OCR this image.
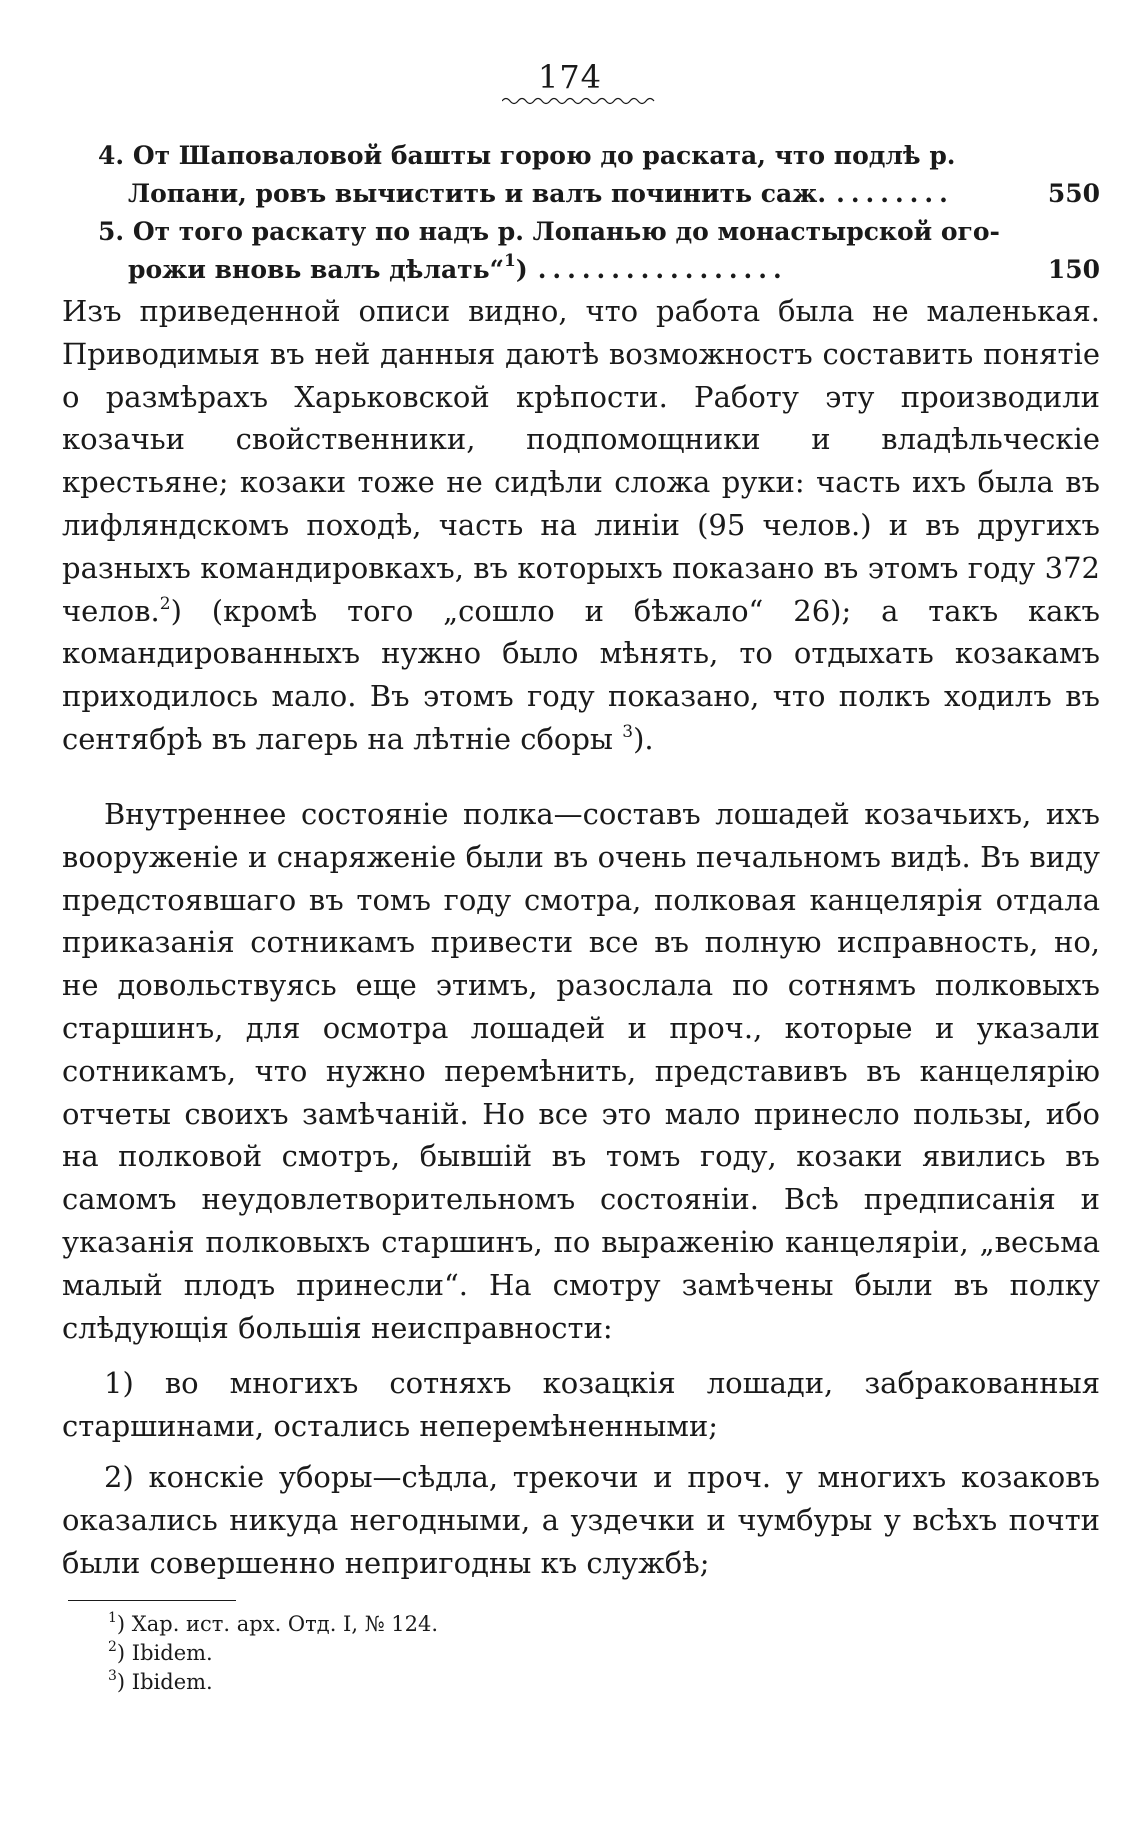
174
4. От Шаповаловой башты горою до раската, что подлѣ р.
Лопани, ровъ вычистить и валъ починить саж. ........	550
5. От того раскату по надъ р. Лопанью до монастырской ого-
рожи вновь валъ дѣлать“$^1$) .................	150
Изъ приведенной описи видно, что работа была не маленькая. Приводимыя въ ней данныя даютѣ возможностъ составить понятіе о размѣрахъ Харьковской крѣпости. Работу эту производили козачьи свойственники, подпомощники и владѣльческіе крестьяне; козаки тоже не сидѣли сложа руки: часть ихъ была въ лифляндскомъ походѣ, часть на линіи (95 челов.) и въ другихъ разныхъ командировкахъ, въ которыхъ показано въ этомъ году 372 челов.$^2$) (кромѣ того „сошло и бѣжало“ 26); а такъ какъ командированныхъ нужно было мѣнять, то отдыхать козакамъ приходилось мало. Въ этомъ году показано, что полкъ ходилъ въ сентябрѣ въ лагерь на лѣтніе сборы $^3$).
Внутреннее состояніе полка—составъ лошадей козачьихъ, ихъ вооруженіе и снаряженіе были въ очень печальномъ видѣ. Въ виду предстоявшаго въ томъ году смотра, полковая канцелярія отдала приказанія сотникамъ привести все въ полную исправность, но, не довольствуясь еще этимъ, разослала по сотнямъ полковыхъ старшинъ, для осмотра лошадей и проч., которые и указали сотникамъ, что нужно перемѣнить, представивъ въ канцелярію отчеты своихъ замѣчаній. Но все это мало принесло пользы, ибо на полковой смотръ, бывшій въ томъ году, козаки явились въ самомъ неудовлетворительномъ состояніи. Всѣ предписанія и указанія полковыхъ старшинъ, по выраженію канцеляріи, „весьма малый плодъ принесли“. На смотру замѣчены были въ полку слѣдующія большія неисправности:
1) во многихъ сотняхъ козацкія лошади, забракованныя старшинами, остались неперемѣненными;
2) конскіе уборы—сѣдла, трекочи и проч. у многихъ козаковъ оказались никуда негодными, а уздечки и чумбуры у всѣхъ почти были совершенно непригодны къ службѣ;
$^1$) Хар. ист. арх. Отд. I, № 124.
$^2$) Ibidem.
$^3$) Ibidem.
